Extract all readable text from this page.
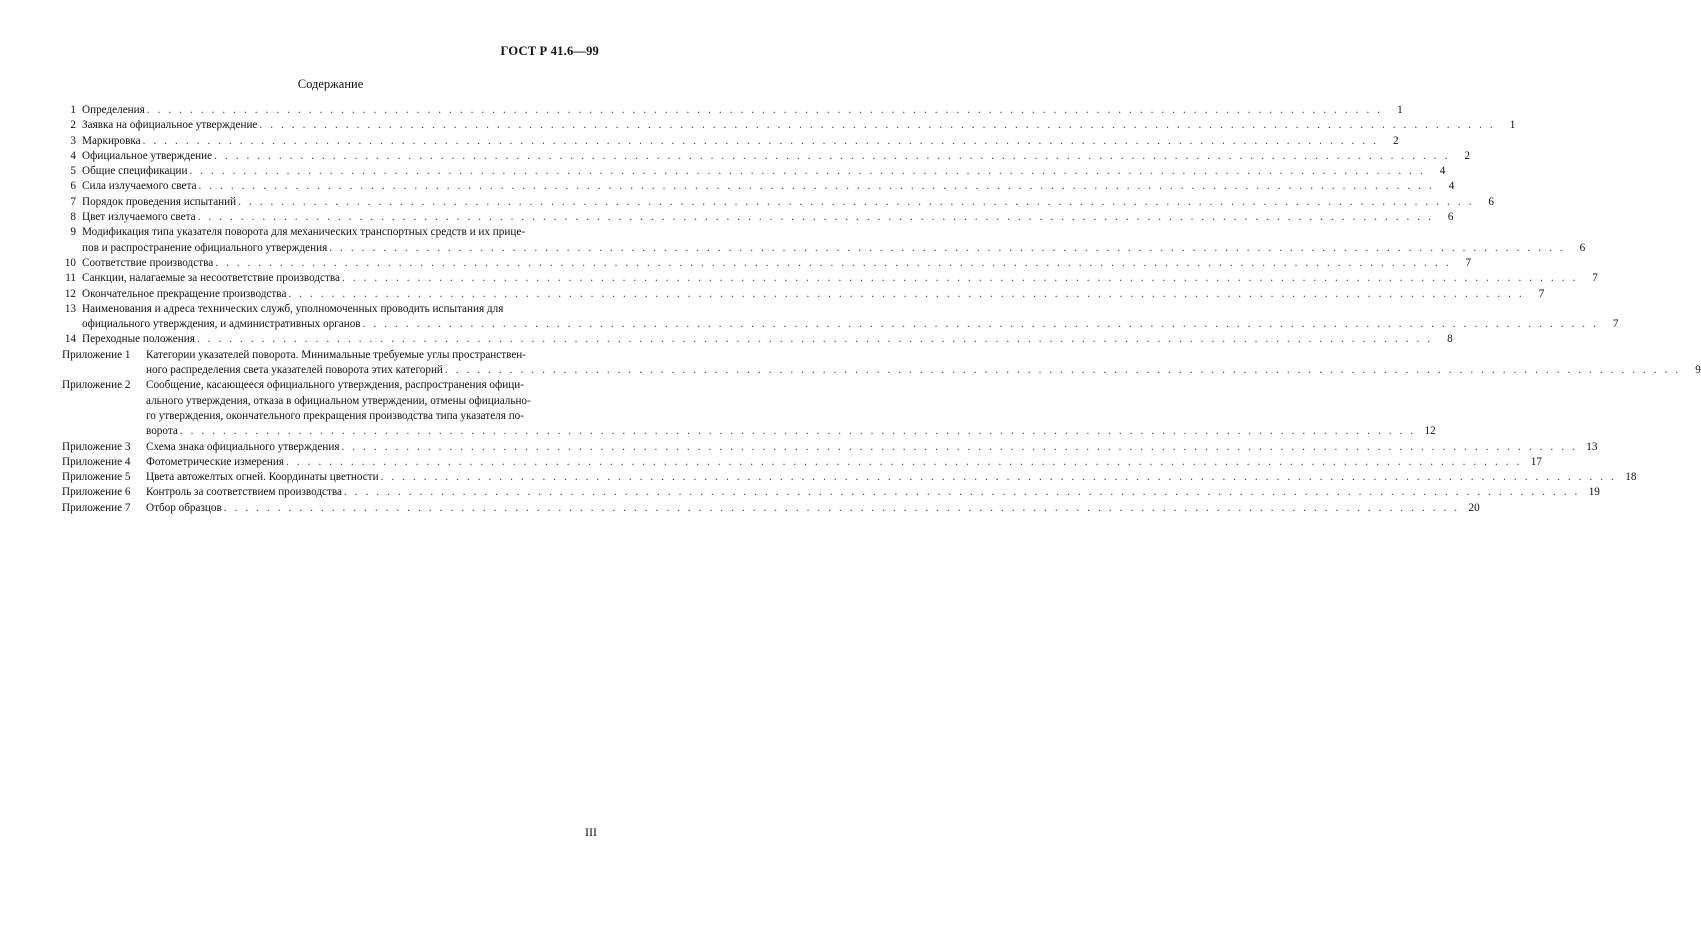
ГОСТ Р 41.6—99
Содержание
1 Определения . . .	1
2 Заявка на официальное утверждение . . .	1
3 Маркировка . . .	2
4 Официальное утверждение . . .	2
5 Общие спецификации . . .	4
6 Сила излучаемого света . . .	4
7 Порядок проведения испытаний . . .	6
8 Цвет излучаемого света . . .	6
9 Модификация типа указателя поворота для механических транспортных средств и их прице-
пов и распространение официального утверждения . . .	6
10 Соответствие производства . . .	7
11 Санкции, налагаемые за несоответствие производства . . .	7
12 Окончательное прекращение производства . . .	7
13 Наименования и адреса технических служб, уполномоченных проводить испытания для
официального утверждения, и административных органов . . .	7
14 Переходные положения . . .	8
Приложение 1	Категории указателей поворота. Минимальные требуемые углы пространствен-
ного распределения света указателей поворота этих категорий . . .	9
Приложение 2	Сообщение, касающееся официального утверждения, распространения офици-
ального утверждения, отказа в официальном утверждении, отмены официально-
го утверждения, окончательного прекращения производства типа указателя по-
ворота . . .	12
Приложение 3	Схема знака официального утверждения . . .	13
Приложение 4	Фотометрические измерения . . .	17
Приложение 5	Цвета автожелтых огней. Координаты цветности . . .	18
Приложение 6	Контроль за соответствием производства . . .	19
Приложение 7	Отбор образцов . . .	20
III
